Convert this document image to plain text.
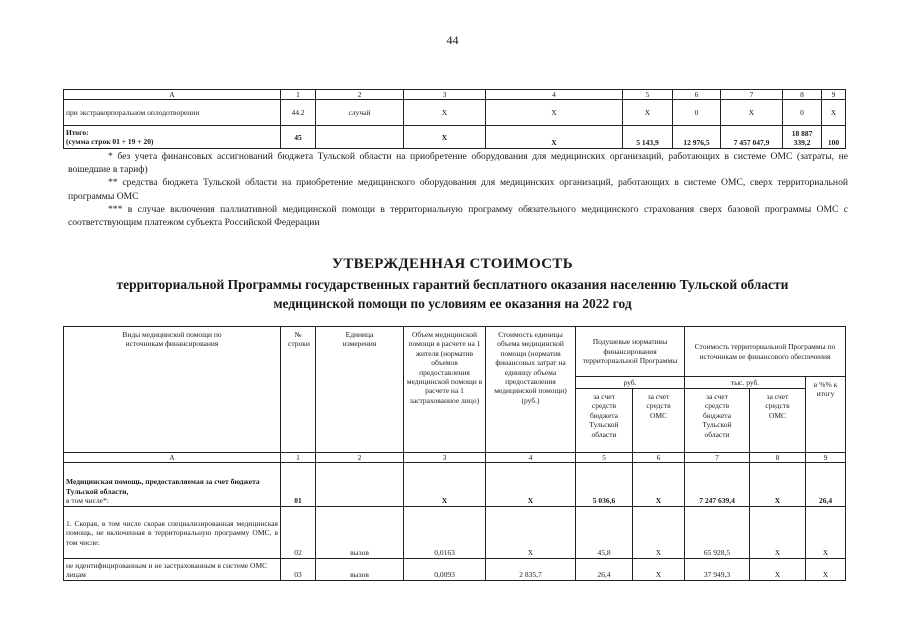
44
А	1	2	3	4	5	6	7	8	9
при экстракорпоральном оплодотворении	44.2	случай	Х	Х	Х	0	Х	0	Х

Итого:
(сумма строк 01 + 19 + 20)	45		Х	Х	5 143,9	12 976,5	7 457 047,9	18 887 339,2	100

* без учета финансовых ассигнований бюджета Тульской области на приобретение оборудования для медицинских организаций, работающих в системе ОМС (затраты, не вошедшие в тариф)

** средства бюджета Тульской области на приобретение медицинского оборудования для медицинских организаций, работающих в системе ОМС, сверх территориальной программы ОМС

*** в случае включения паллиативной медицинской помощи в территориальную программу обязательного медицинского страхования сверх базовой программы ОМС с соответствующим платежом субъекта Российской Федерации

УТВЕРЖДЕННАЯ СТОИМОСТЬ
территориальной Программы государственных гарантий бесплатного оказания населению Тульской области
медицинской помощи по условиям ее оказания на 2022 год
Виды медицинской помощи по источникам финансирования	№ строки	Единица измерения	Объем медицинской помощи в расчете на 1 жителя (норматив объемов предоставления медицинской помощи в расчете на 1 застрахованное лицо)	Стоимость единицы объема медицинской помощи (норматив финансовых затрат на единицу объема предоставления медицинской помощи) (руб.)	Подушевые нормативы финансирования территориальной Программы		Стоимость территориальной Программы по источникам ее финансового обеспечения		
					руб.		тыс. руб.		в %% к итогу

					за счет средств бюджета Тульской области	за счет средств ОМС	за счет средств бюджета Тульской области	за счет средств ОМС	

А	1	2	3	4	5	6	7	8	9
Медицинская помощь, предоставляемая за счет бюджета Тульской области,
в том числе*:	01		Х	Х	5 036,6	Х	7 247 639,4	Х	26,4
1. Скорая, в том числе скорая специализированная медицинская помощь, не включенная в территориальную программу ОМС, в том числе:	02	вызов	0,0163	Х	45,8	Х	65 928,5	Х	Х
не идентифицированным и не застрахованным в системе ОМС лицам	03	вызов	0,0093	2 835,7	26,4	Х	37 949,3	Х	Х
